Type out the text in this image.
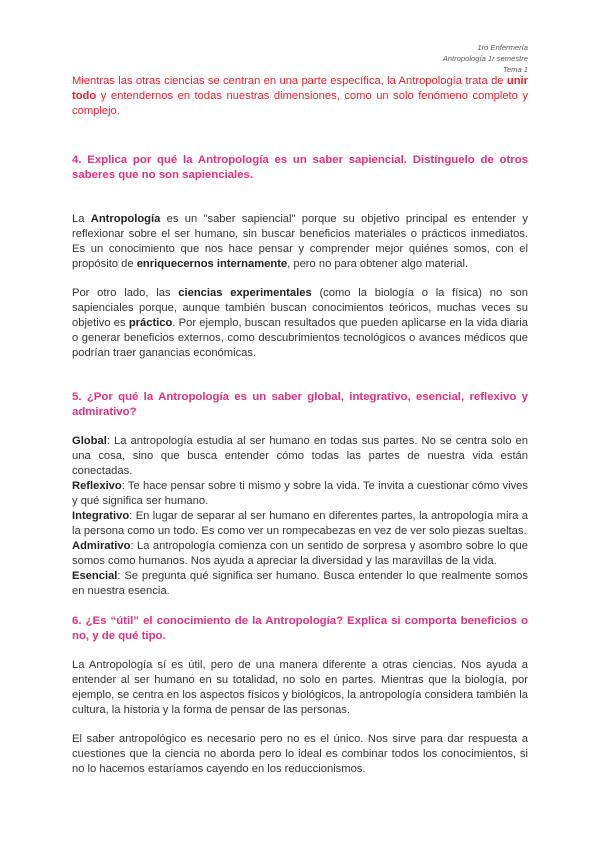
1ro Enfermería
Antropología 1r semestre
Tema 1

Mientras las otras ciencias se centran en una parte específica, la Antropología trata de unir todo y entendernos en todas nuestras dimensiones, como un solo fenómeno completo y complejo.

4. Explica por qué la Antropología es un saber sapiencial. Distínguelo de otros saberes que no son sapienciales.

La Antropología es un "saber sapiencial" porque su objetivo principal es entender y reflexionar sobre el ser humano, sin buscar beneficios materiales o prácticos inmediatos. Es un conocimiento que nos hace pensar y comprender mejor quiénes somos, con el propósito de enriquecernos internamente, pero no para obtener algo material.

Por otro lado, las ciencias experimentales (como la biología o la física) no son sapienciales porque, aunque también buscan conocimientos teóricos, muchas veces su objetivo es práctico. Por ejemplo, buscan resultados que pueden aplicarse en la vida diaria o generar beneficios externos, como descubrimientos tecnológicos o avances médicos que podrían traer ganancias económicas.

5. ¿Por qué la Antropología es un saber global, integrativo, esencial, reflexivo y admirativo?

Global: La antropología estudia al ser humano en todas sus partes. No se centra solo en una cosa, sino que busca entender cómo todas las partes de nuestra vida están conectadas.

Reflexivo: Te hace pensar sobre ti mismo y sobre la vida. Te invita a cuestionar cómo vives y qué significa ser humano.

Integrativo: En lugar de separar al ser humano en diferentes partes, la antropología mira a la persona como un todo. Es como ver un rompecabezas en vez de ver solo piezas sueltas.

Admirativo: La antropología comienza con un sentido de sorpresa y asombro sobre lo que somos como humanos. Nos ayuda a apreciar la diversidad y las maravillas de la vida.

Esencial: Se pregunta qué significa ser humano. Busca entender lo que realmente somos en nuestra esencia.

6. ¿Es “útil” el conocimiento de la Antropología? Explica si comporta beneficios o no, y de qué tipo.

La Antropología sí es útil, pero de una manera diferente a otras ciencias. Nos ayuda a entender al ser humano en su totalidad, no solo en partes. Mientras que la biología, por ejemplo, se centra en los aspectos físicos y biológicos, la antropología considera también la cultura, la historia y la forma de pensar de las personas.

El saber antropológico es necesario pero no es el único. Nos sirve para dar respuesta a cuestiones que la ciencia no aborda pero lo ideal es combinar todos los conocimientos, si no lo hacemos estaríamos cayendo en los reduccionismos.
